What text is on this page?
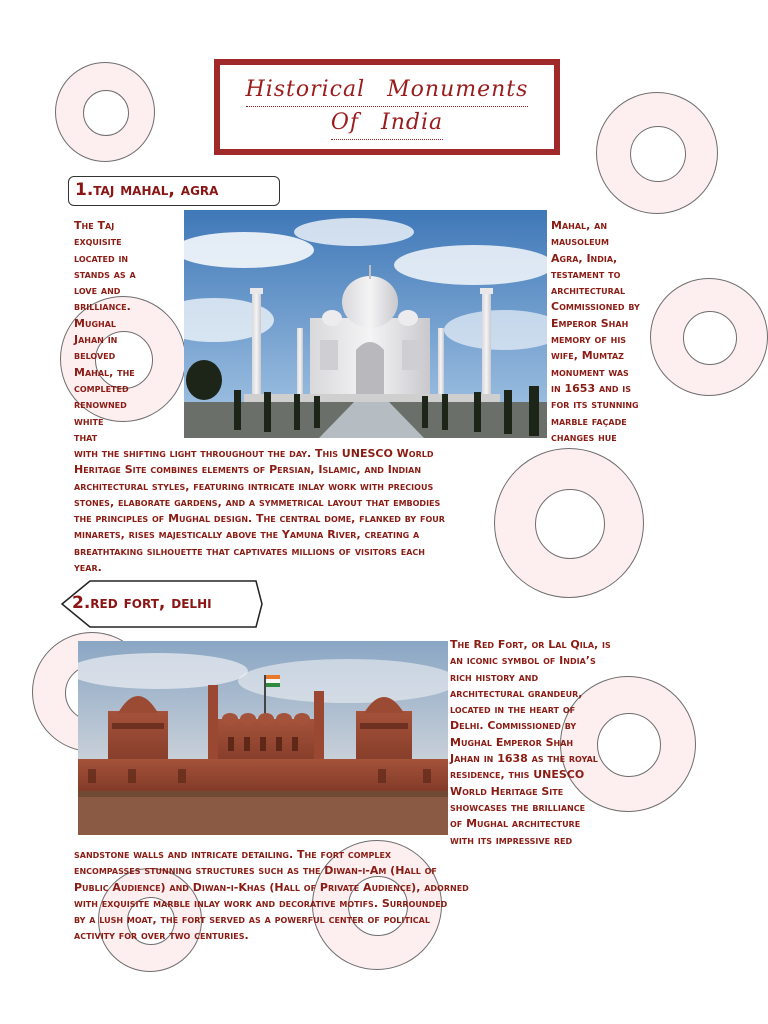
Historical Monuments
Of India
1.taj mahal, agra
The Taj
exquisite
located in
stands as a
love and
brilliance.
Mughal
Jahan in
beloved
Mahal, the
completed
renowned
white
that
Mahal, an
mausoleum
Agra, India,
testament to
architectural
Commissioned by
Emperor Shah
memory of his
wife, Mumtaz
monument was
in 1653 and is
for its stunning
marble façade
changes hue
with the shifting light throughout the day. This UNESCO World
Heritage Site combines elements of Persian, Islamic, and Indian
architectural styles, featuring intricate inlay work with precious
stones, elaborate gardens, and a symmetrical layout that embodies
the principles of Mughal design. The central dome, flanked by four
minarets, rises majestically above the Yamuna River, creating a
breathtaking silhouette that captivates millions of visitors each
year.
2.red fort, delhi
The Red Fort, or Lal Qila, is
an iconic symbol of India’s
rich history and
architectural grandeur,
located in the heart of
Delhi. Commissioned by
Mughal Emperor Shah
Jahan in 1638 as the royal
residence, this UNESCO
World Heritage Site
showcases the brilliance
of Mughal architecture
with its impressive red
sandstone walls and intricate detailing. The fort complex
encompasses stunning structures such as the Diwan-i-Am (Hall of
Public Audience) and Diwan-i-Khas (Hall of Private Audience), adorned
with exquisite marble inlay work and decorative motifs. Surrounded
by a lush moat, the fort served as a powerful center of political
activity for over two centuries.
